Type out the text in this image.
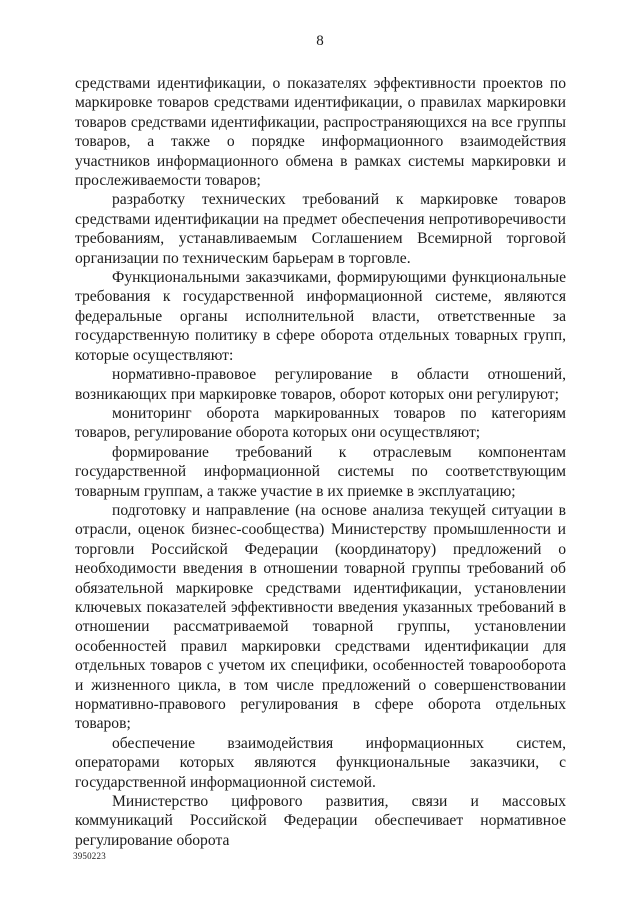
8

средствами идентификации, о показателях эффективности проектов по маркировке товаров средствами идентификации, о правилах маркировки товаров средствами идентификации, распространяющихся на все группы товаров, а также о порядке информационного взаимодействия участников информационного обмена в рамках системы маркировки и прослеживаемости товаров;

разработку технических требований к маркировке товаров средствами идентификации на предмет обеспечения непротиворечивости требованиям, устанавливаемым Соглашением Всемирной торговой организации по техническим барьерам в торговле.

Функциональными заказчиками, формирующими функциональные требования к государственной информационной системе, являются федеральные органы исполнительной власти, ответственные за государственную политику в сфере оборота отдельных товарных групп, которые осуществляют:

нормативно-правовое регулирование в области отношений, возникающих при маркировке товаров, оборот которых они регулируют;

мониторинг оборота маркированных товаров по категориям товаров, регулирование оборота которых они осуществляют;

формирование требований к отраслевым компонентам государственной информационной системы по соответствующим товарным группам, а также участие в их приемке в эксплуатацию;

подготовку и направление (на основе анализа текущей ситуации в отрасли, оценок бизнес-сообщества) Министерству промышленности и торговли Российской Федерации (координатору) предложений о необходимости введения в отношении товарной группы требований об обязательной маркировке средствами идентификации, установлении ключевых показателей эффективности введения указанных требований в отношении рассматриваемой товарной группы, установлении особенностей правил маркировки средствами идентификации для отдельных товаров с учетом их специфики, особенностей товарооборота и жизненного цикла, в том числе предложений о совершенствовании нормативно-правового регулирования в сфере оборота отдельных товаров;

обеспечение взаимодействия информационных систем, операторами которых являются функциональные заказчики, с государственной информационной системой.

Министерство цифрового развития, связи и массовых коммуникаций Российской Федерации обеспечивает нормативное регулирование оборота

3950223
